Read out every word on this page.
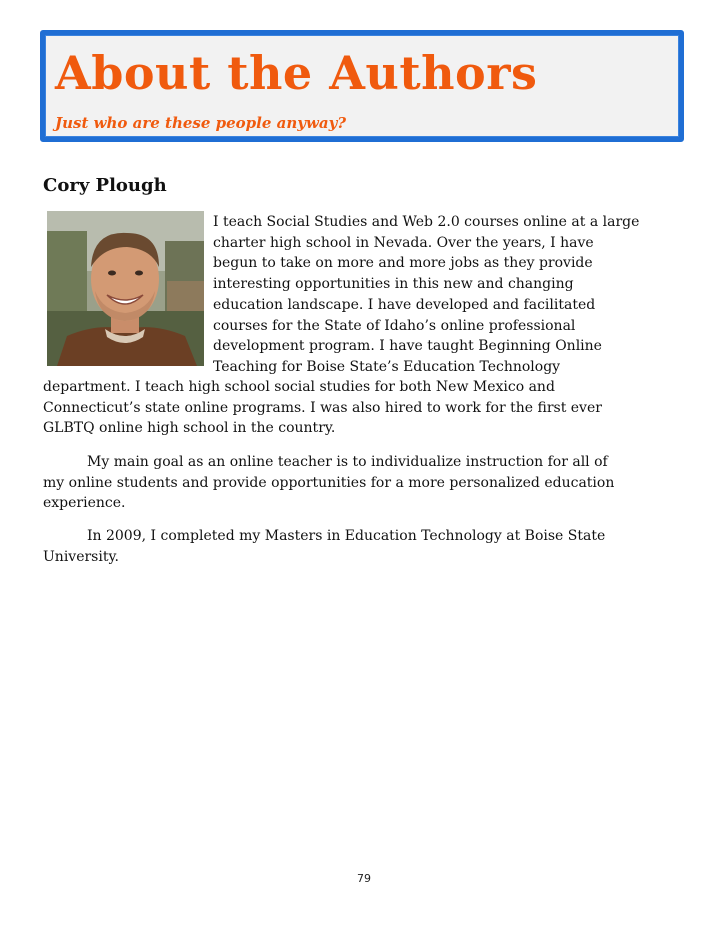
About the Authors
Just who are these people anyway?
Cory Plough
I teach Social Studies and Web 2.0 courses online at a large
charter high school in Nevada. Over the years, I have
begun to take on more and more jobs as they provide
interesting opportunities in this new and changing
education landscape. I have developed and facilitated
courses for the State of Idaho’s online professional
development program. I have taught Beginning Online
Teaching for Boise State’s Education Technology
department. I teach high school social studies for both New Mexico and
Connecticut’s state online programs. I was also hired to work for the first ever
GLBTQ online high school in the country.
My main goal as an online teacher is to individualize instruction for all of
my online students and provide opportunities for a more personalized education
experience.
In 2009, I completed my Masters in Education Technology at Boise State
University.
79
